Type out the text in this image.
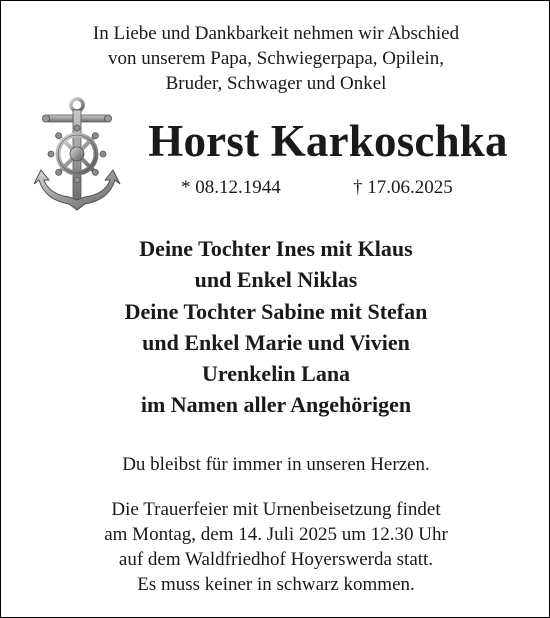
In Liebe und Dankbarkeit nehmen wir Abschied
von unserem Papa, Schwiegerpapa, Opilein,
Bruder, Schwager und Onkel
Horst Karkoschka
* 08.12.1944	† 17.06.2025
Deine Tochter Ines mit Klaus
und Enkel Niklas
Deine Tochter Sabine mit Stefan
und Enkel Marie und Vivien
Urenkelin Lana
im Namen aller Angehörigen
Du bleibst für immer in unseren Herzen.
Die Trauerfeier mit Urnenbeisetzung findet
am Montag, dem 14. Juli 2025 um 12.30 Uhr
auf dem Waldfriedhof Hoyerswerda statt.
Es muss keiner in schwarz kommen.
